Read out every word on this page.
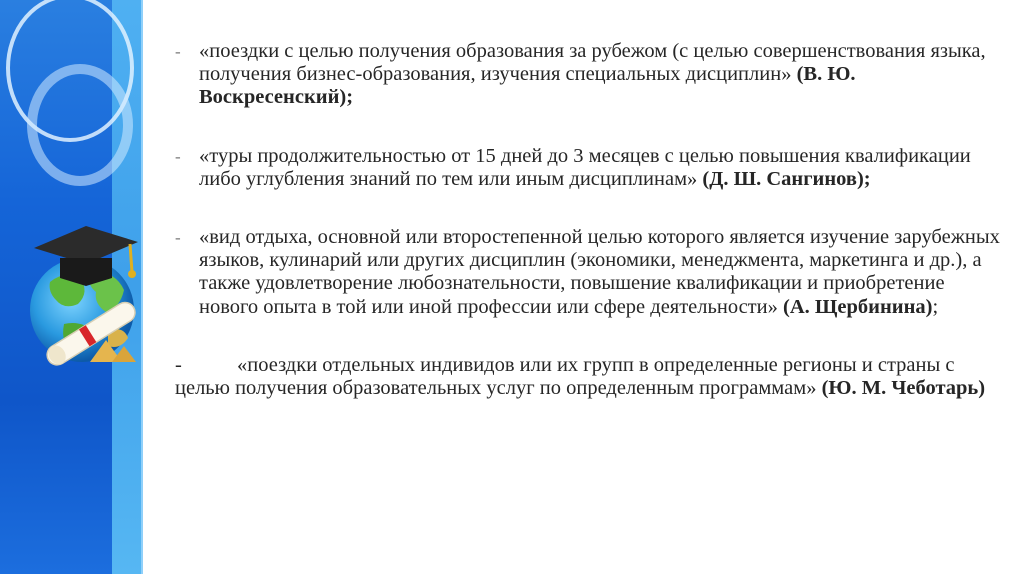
- «поездки с целью получения образования за рубежом (с целью совершенствования языка, получения бизнес-образования, изучения специальных дисциплин» (В. Ю. Воскресенский);
- «туры продолжительностью от 15 дней до 3 месяцев с целью повышения квалификации либо углубления знаний по тем или иным дисциплинам» (Д. Ш. Сангинов);
- «вид отдыха, основной или второстепенной целью которого является изучение зарубежных языков, кулинарий или других дисциплин (экономики, менеджмента, маркетинга и др.), а также удовлетворение любознательности, повышение квалификации и приобретение нового опыта в той или иной профессии или сфере деятельности» (А. Щербинина);
-	«поездки отдельных индивидов или их групп в определенные регионы и страны с целью получения образовательных услуг по определенным программам» (Ю. М. Чеботарь)
